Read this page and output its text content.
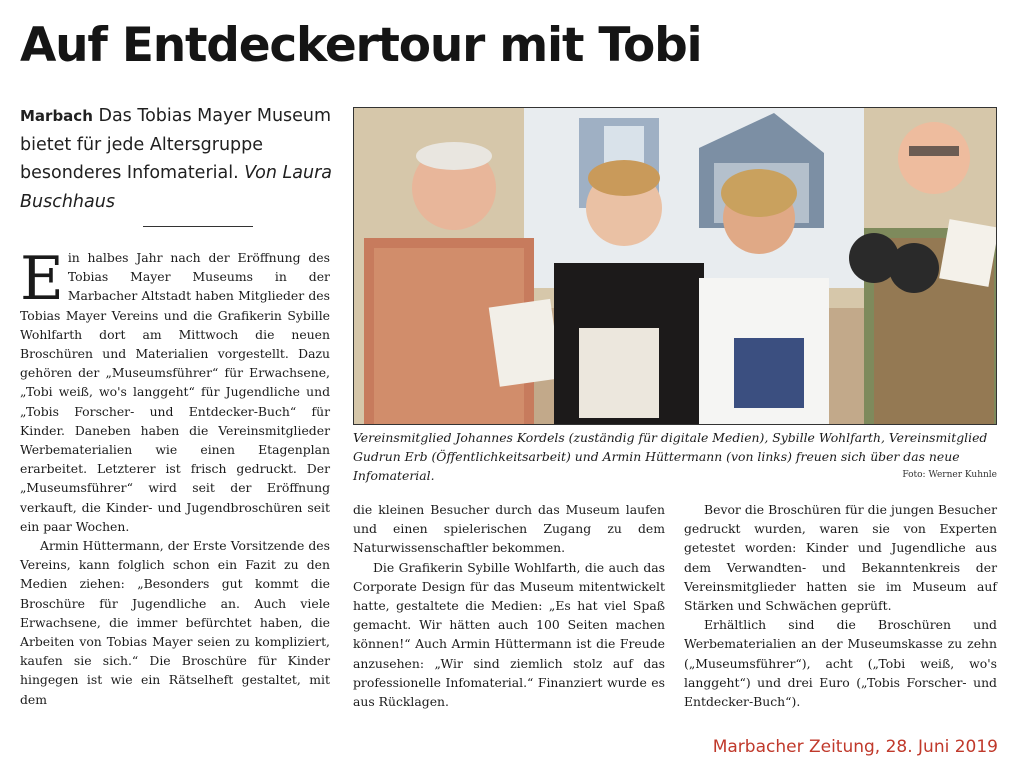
Auf Entdeckertour mit Tobi
Marbach Das Tobias Mayer Museum bietet für jede Altersgruppe besonderes Infomaterial. Von Laura Buschhaus

Ein halbes Jahr nach der Eröffnung des Tobias Mayer Museums in der Marbacher Altstadt haben Mitglieder des Tobias Mayer Vereins und die Grafikerin Sybille Wohlfarth dort am Mittwoch die neuen Broschüren und Materialien vorgestellt. Dazu gehören der „Museumsführer“ für Erwachsene, „Tobi weiß, wo's langgeht“ für Jugendliche und „Tobis Forscher- und Entdecker-Buch“ für Kinder. Daneben haben die Vereinsmitglieder Werbematerialien wie einen Etagenplan erarbeitet. Letzterer ist frisch gedruckt. Der „Museumsführer“ wird seit der Eröffnung verkauft, die Kinder- und Jugendbroschüren seit ein paar Wochen.

Armin Hüttermann, der Erste Vorsitzende des Vereins, kann folglich schon ein Fazit zu den Medien ziehen: „Besonders gut kommt die Broschüre für Jugendliche an. Auch viele Erwachsene, die immer befürchtet haben, die Arbeiten von Tobias Mayer seien zu kompliziert, kaufen sie sich.“ Die Broschüre für Kinder hingegen ist wie ein Rätselheft gestaltet, mit dem

Vereinsmitglied Johannes Kordels (zuständig für digitale Medien), Sybille Wohlfarth, Vereinsmitglied Gudrun Erb (Öffentlichkeitsarbeit) und Armin Hüttermann (von links) freuen sich über das neue Infomaterial.	Foto: Werner Kuhnle

die kleinen Besucher durch das Museum laufen und einen spielerischen Zugang zu dem Naturwissenschaftler bekommen.

Die Grafikerin Sybille Wohlfarth, die auch das Corporate Design für das Museum mitentwickelt hatte, gestaltete die Medien: „Es hat viel Spaß gemacht. Wir hätten auch 100 Seiten machen können!“ Auch Armin Hüttermann ist die Freude anzusehen: „Wir sind ziemlich stolz auf das professionelle Infomaterial.“ Finanziert wurde es aus Rücklagen.

Bevor die Broschüren für die jungen Besucher gedruckt wurden, waren sie von Experten getestet worden: Kinder und Jugendliche aus dem Verwandten- und Bekanntenkreis der Vereinsmitglieder hatten sie im Museum auf Stärken und Schwächen geprüft.

Erhältlich sind die Broschüren und Werbematerialien an der Museumskasse zu zehn („Museumsführer“), acht („Tobi weiß, wo's langgeht“) und drei Euro („Tobis Forscher- und Entdecker-Buch“).

Marbacher Zeitung, 28. Juni 2019
